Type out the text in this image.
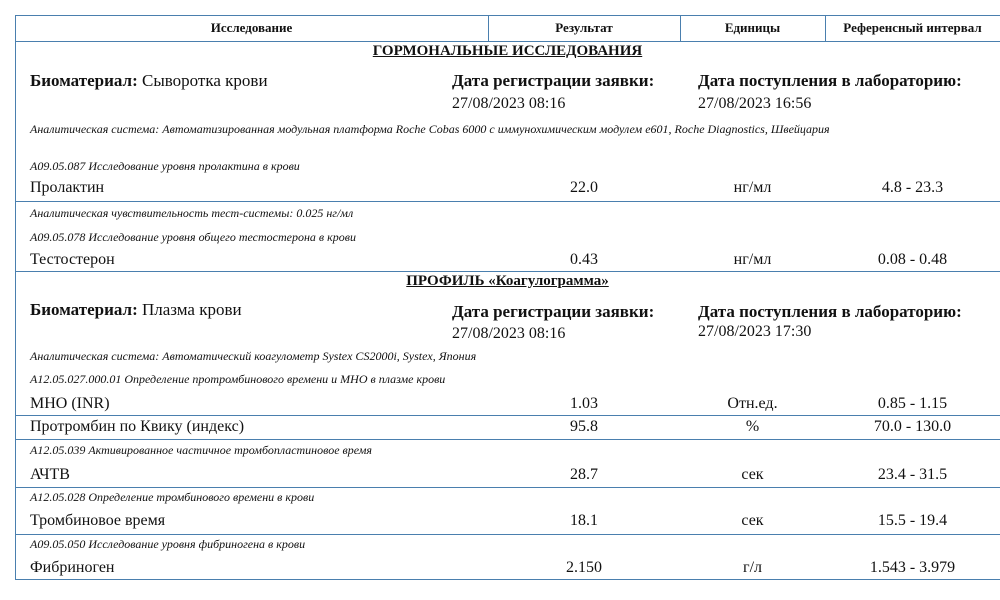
Исследование	Результат	Единицы	Референсный интервал
ГОРМОНАЛЬНЫЕ ИССЛЕДОВАНИЯ
Биоматериал: Сыворотка крови	Дата регистрации заявки:
27/08/2023 08:16
Дата поступления в лабораторию:
27/08/2023 16:56
Аналитическая система: Автоматизированная модульная платформа Roche Cobas 6000 с иммунохимическим модулем e601, Roche Diagnostics, Швейцария
A09.05.087 Исследование уровня пролактина в крови
Пролактин	22.0	нг/мл	4.8 - 23.3
Аналитическая чувствительность тест-системы: 0.025 нг/мл
A09.05.078 Исследование уровня общего тестостерона в крови
Тестостерон	0.43	нг/мл	0.08 - 0.48
ПРОФИЛЬ «Коагулограмма»
Биоматериал: Плазма крови	Дата регистрации заявки:
27/08/2023 08:16
Дата поступления в лабораторию:
27/08/2023 17:30
Аналитическая система: Автоматический коагулометр Systex CS2000i, Systex, Япония
A12.05.027.000.01 Определение протромбинового времени и МНО в плазме крови
МНО (INR)	1.03	Отн.ед.	0.85 - 1.15
Протромбин по Квику (индекс)	95.8	%	70.0 - 130.0
A12.05.039 Активированное частичное тромбопластиновое время
АЧТВ	28.7	сек	23.4 - 31.5
A12.05.028 Определение тромбинового времени в крови
Тромбиновое время	18.1	сек	15.5 - 19.4
A09.05.050 Исследование уровня фибриногена в крови
Фибриноген	2.150	г/л	1.543 - 3.979
